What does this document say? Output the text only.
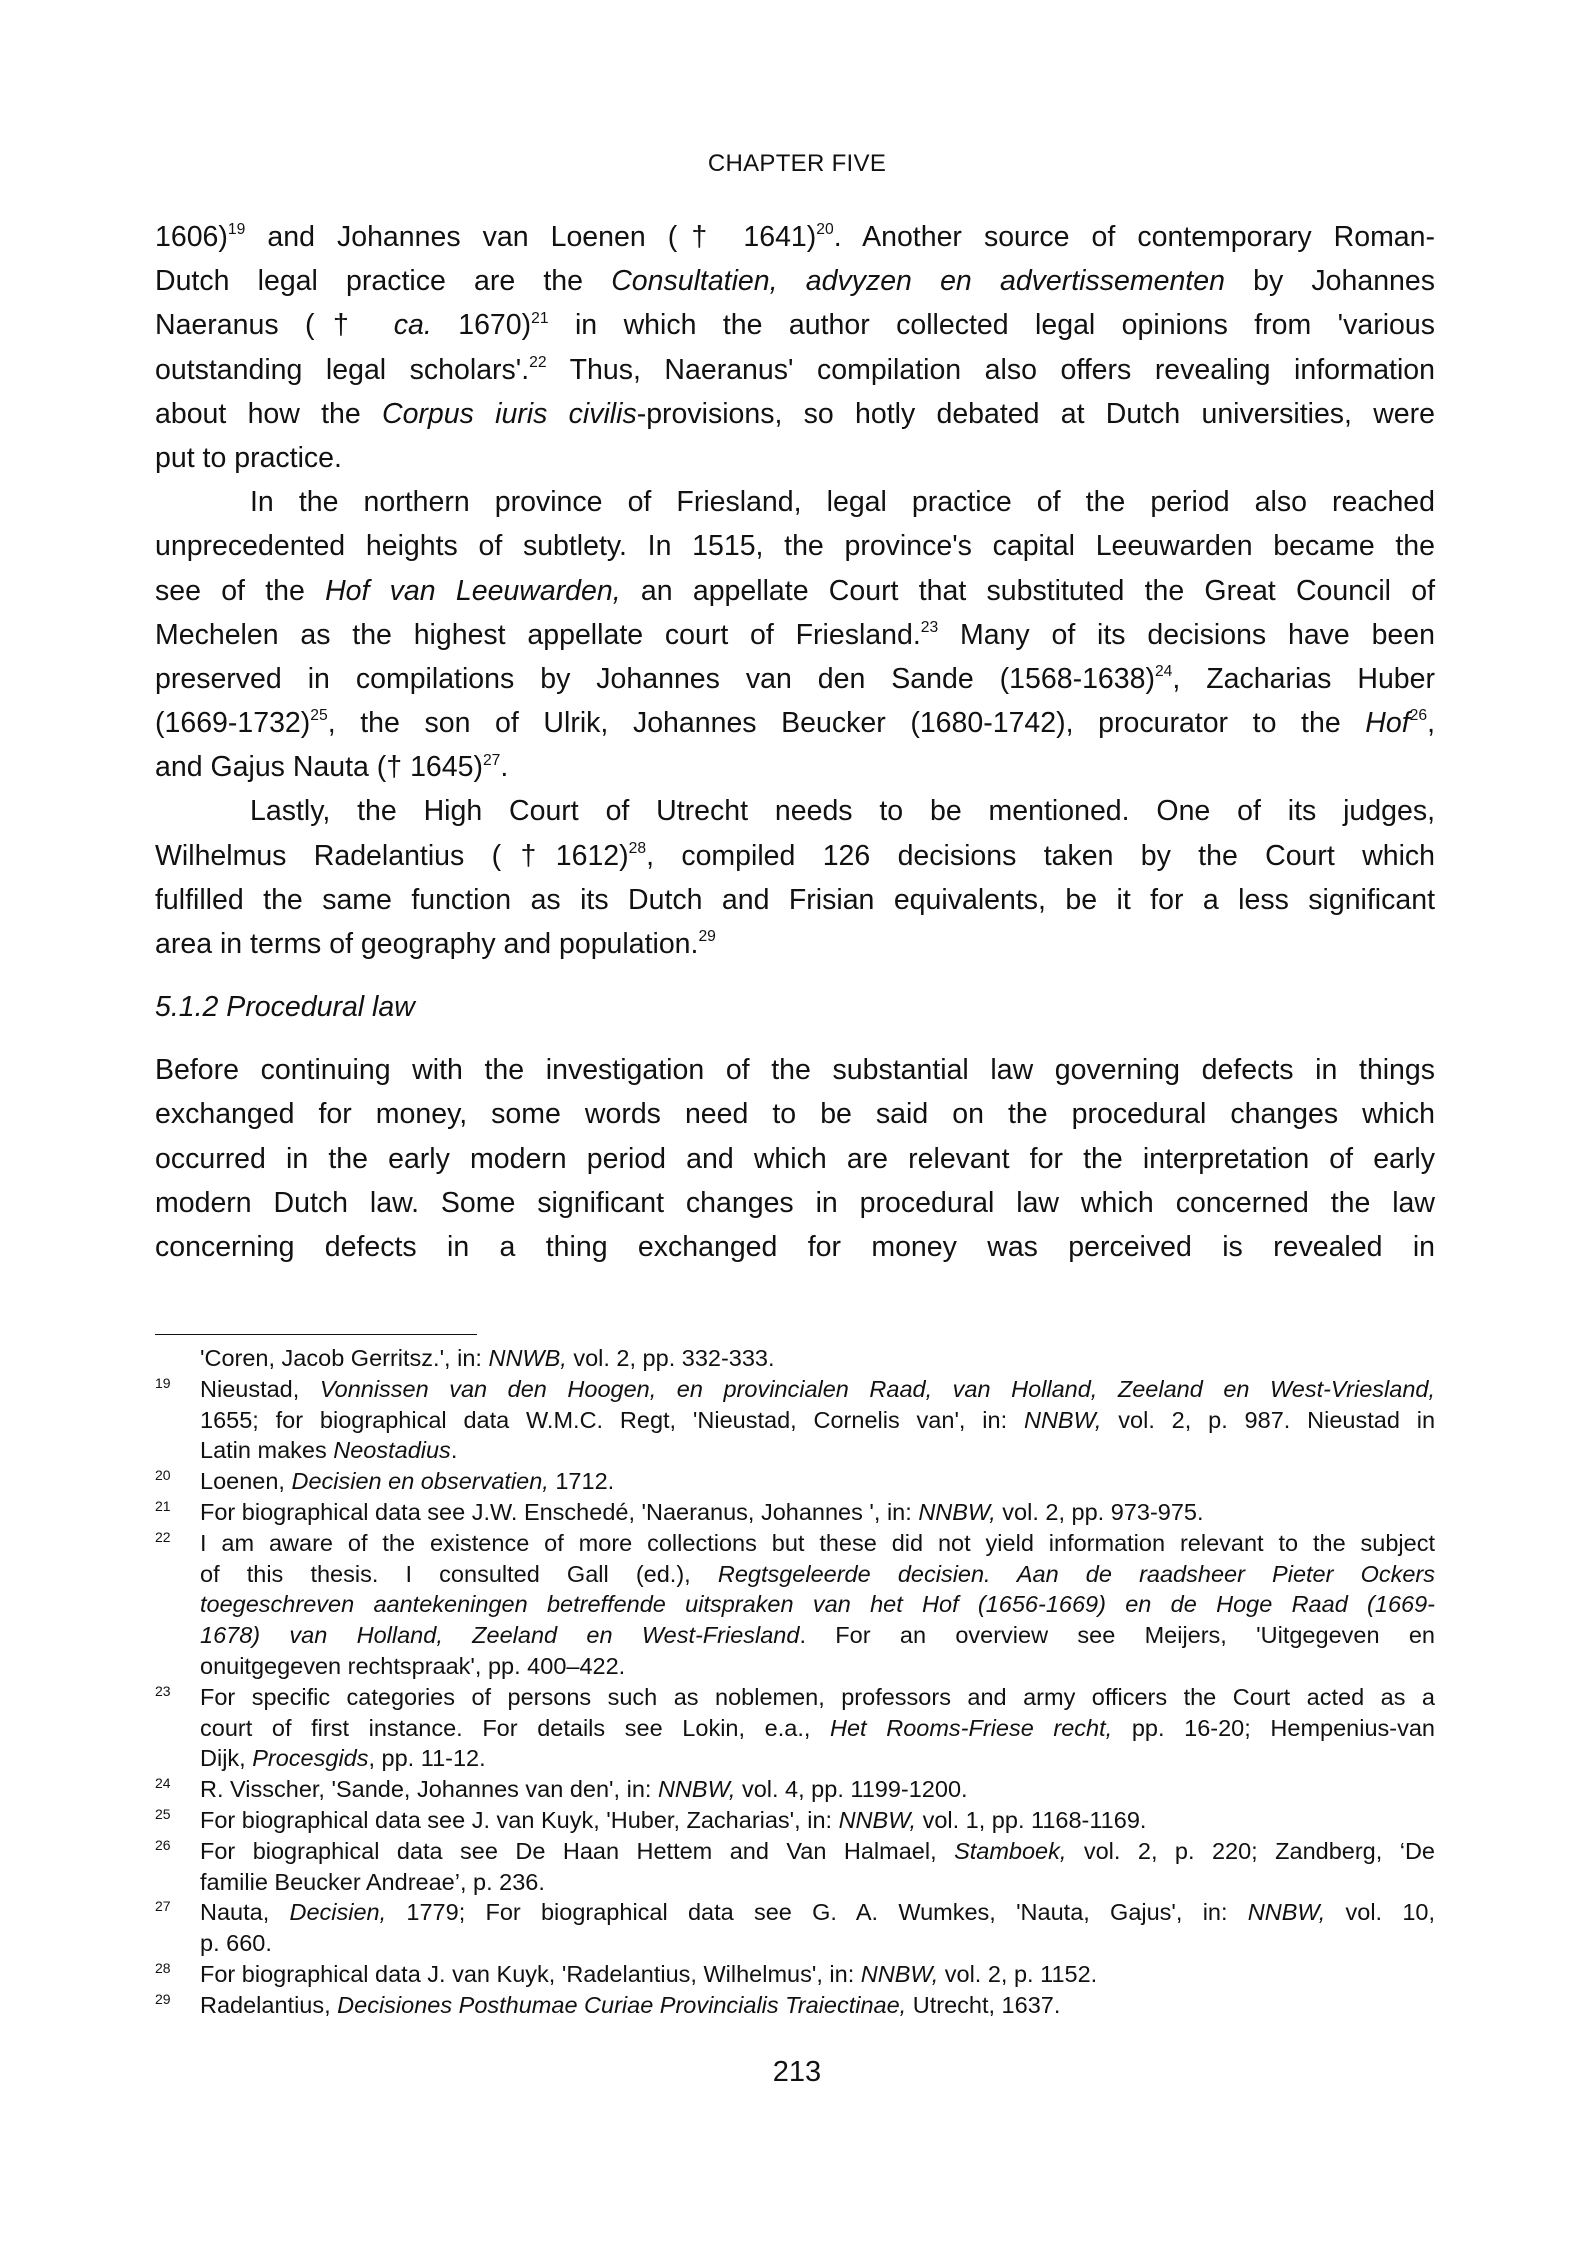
CHAPTER FIVE
1606)$^{19}$ and Johannes van Loenen († 1641)$^{20}$. Another source of contemporary Roman-
Dutch legal practice are the Consultatien, advyzen en advertissementen by Johannes
Naeranus († ca. 1670)$^{21}$ in which the author collected legal opinions from 'various
outstanding legal scholars'.$^{22}$ Thus, Naeranus' compilation also offers revealing information
about how the Corpus iuris civilis-provisions, so hotly debated at Dutch universities, were
put to practice.
In the northern province of Friesland, legal practice of the period also reached
unprecedented heights of subtlety. In 1515, the province's capital Leeuwarden became the
see of the Hof van Leeuwarden, an appellate Court that substituted the Great Council of
Mechelen as the highest appellate court of Friesland.$^{23}$ Many of its decisions have been
preserved in compilations by Johannes van den Sande (1568-1638)$^{24}$, Zacharias Huber
(1669-1732)$^{25}$, the son of Ulrik, Johannes Beucker (1680-1742), procurator to the Hof$^{26}$,
and Gajus Nauta († 1645)$^{27}$.
Lastly, the High Court of Utrecht needs to be mentioned. One of its judges,
Wilhelmus Radelantius (†1612)$^{28}$, compiled 126 decisions taken by the Court which
fulfilled the same function as its Dutch and Frisian equivalents, be it for a less significant
area in terms of geography and population.$^{29}$
5.1.2 Procedural law
Before continuing with the investigation of the substantial law governing defects in things
exchanged for money, some words need to be said on the procedural changes which
occurred in the early modern period and which are relevant for the interpretation of early
modern Dutch law. Some significant changes in procedural law which concerned the law
concerning defects in a thing exchanged for money was perceived is revealed in
'Coren, Jacob Gerritsz.', in: NNWB, vol. 2, pp. 332-333.
19 Nieustad, Vonnissen van den Hoogen, en provincialen Raad, van Holland, Zeeland en West-Vriesland,
1655; for biographical data W.M.C. Regt, 'Nieustad, Cornelis van', in: NNBW, vol. 2, p. 987. Nieustad in
Latin makes Neostadius.
20 Loenen, Decisien en observatien, 1712.
21 For biographical data see J.W. Enschedé, 'Naeranus, Johannes ', in: NNBW, vol. 2, pp. 973-975.
22 I am aware of the existence of more collections but these did not yield information relevant to the subject
of this thesis. I consulted Gall (ed.), Regtsgeleerde decisien. Aan de raadsheer Pieter Ockers
toegeschreven aantekeningen betreffende uitspraken van het Hof (1656-1669) en de Hoge Raad (1669-
1678) van Holland, Zeeland en West-Friesland. For an overview see Meijers, 'Uitgegeven en
onuitgegeven rechtspraak', pp. 400–422.
23 For specific categories of persons such as noblemen, professors and army officers the Court acted as a
court of first instance. For details see Lokin, e.a., Het Rooms-Friese recht, pp. 16-20; Hempenius-van
Dijk, Procesgids, pp. 11-12.
24 R. Visscher, 'Sande, Johannes van den', in: NNBW, vol. 4, pp. 1199-1200.
25 For biographical data see J. van Kuyk, 'Huber, Zacharias', in: NNBW, vol. 1, pp. 1168-1169.
26 For biographical data see De Haan Hettem and Van Halmael, Stamboek, vol. 2, p. 220; Zandberg, ‘De
familie Beucker Andreae’, p. 236.
27 Nauta, Decisien, 1779; For biographical data see G. A. Wumkes, 'Nauta, Gajus', in: NNBW, vol. 10,
p. 660.
28 For biographical data J. van Kuyk, 'Radelantius, Wilhelmus', in: NNBW, vol. 2, p. 1152.
29 Radelantius, Decisiones Posthumae Curiae Provincialis Traiectinae, Utrecht, 1637.
213
